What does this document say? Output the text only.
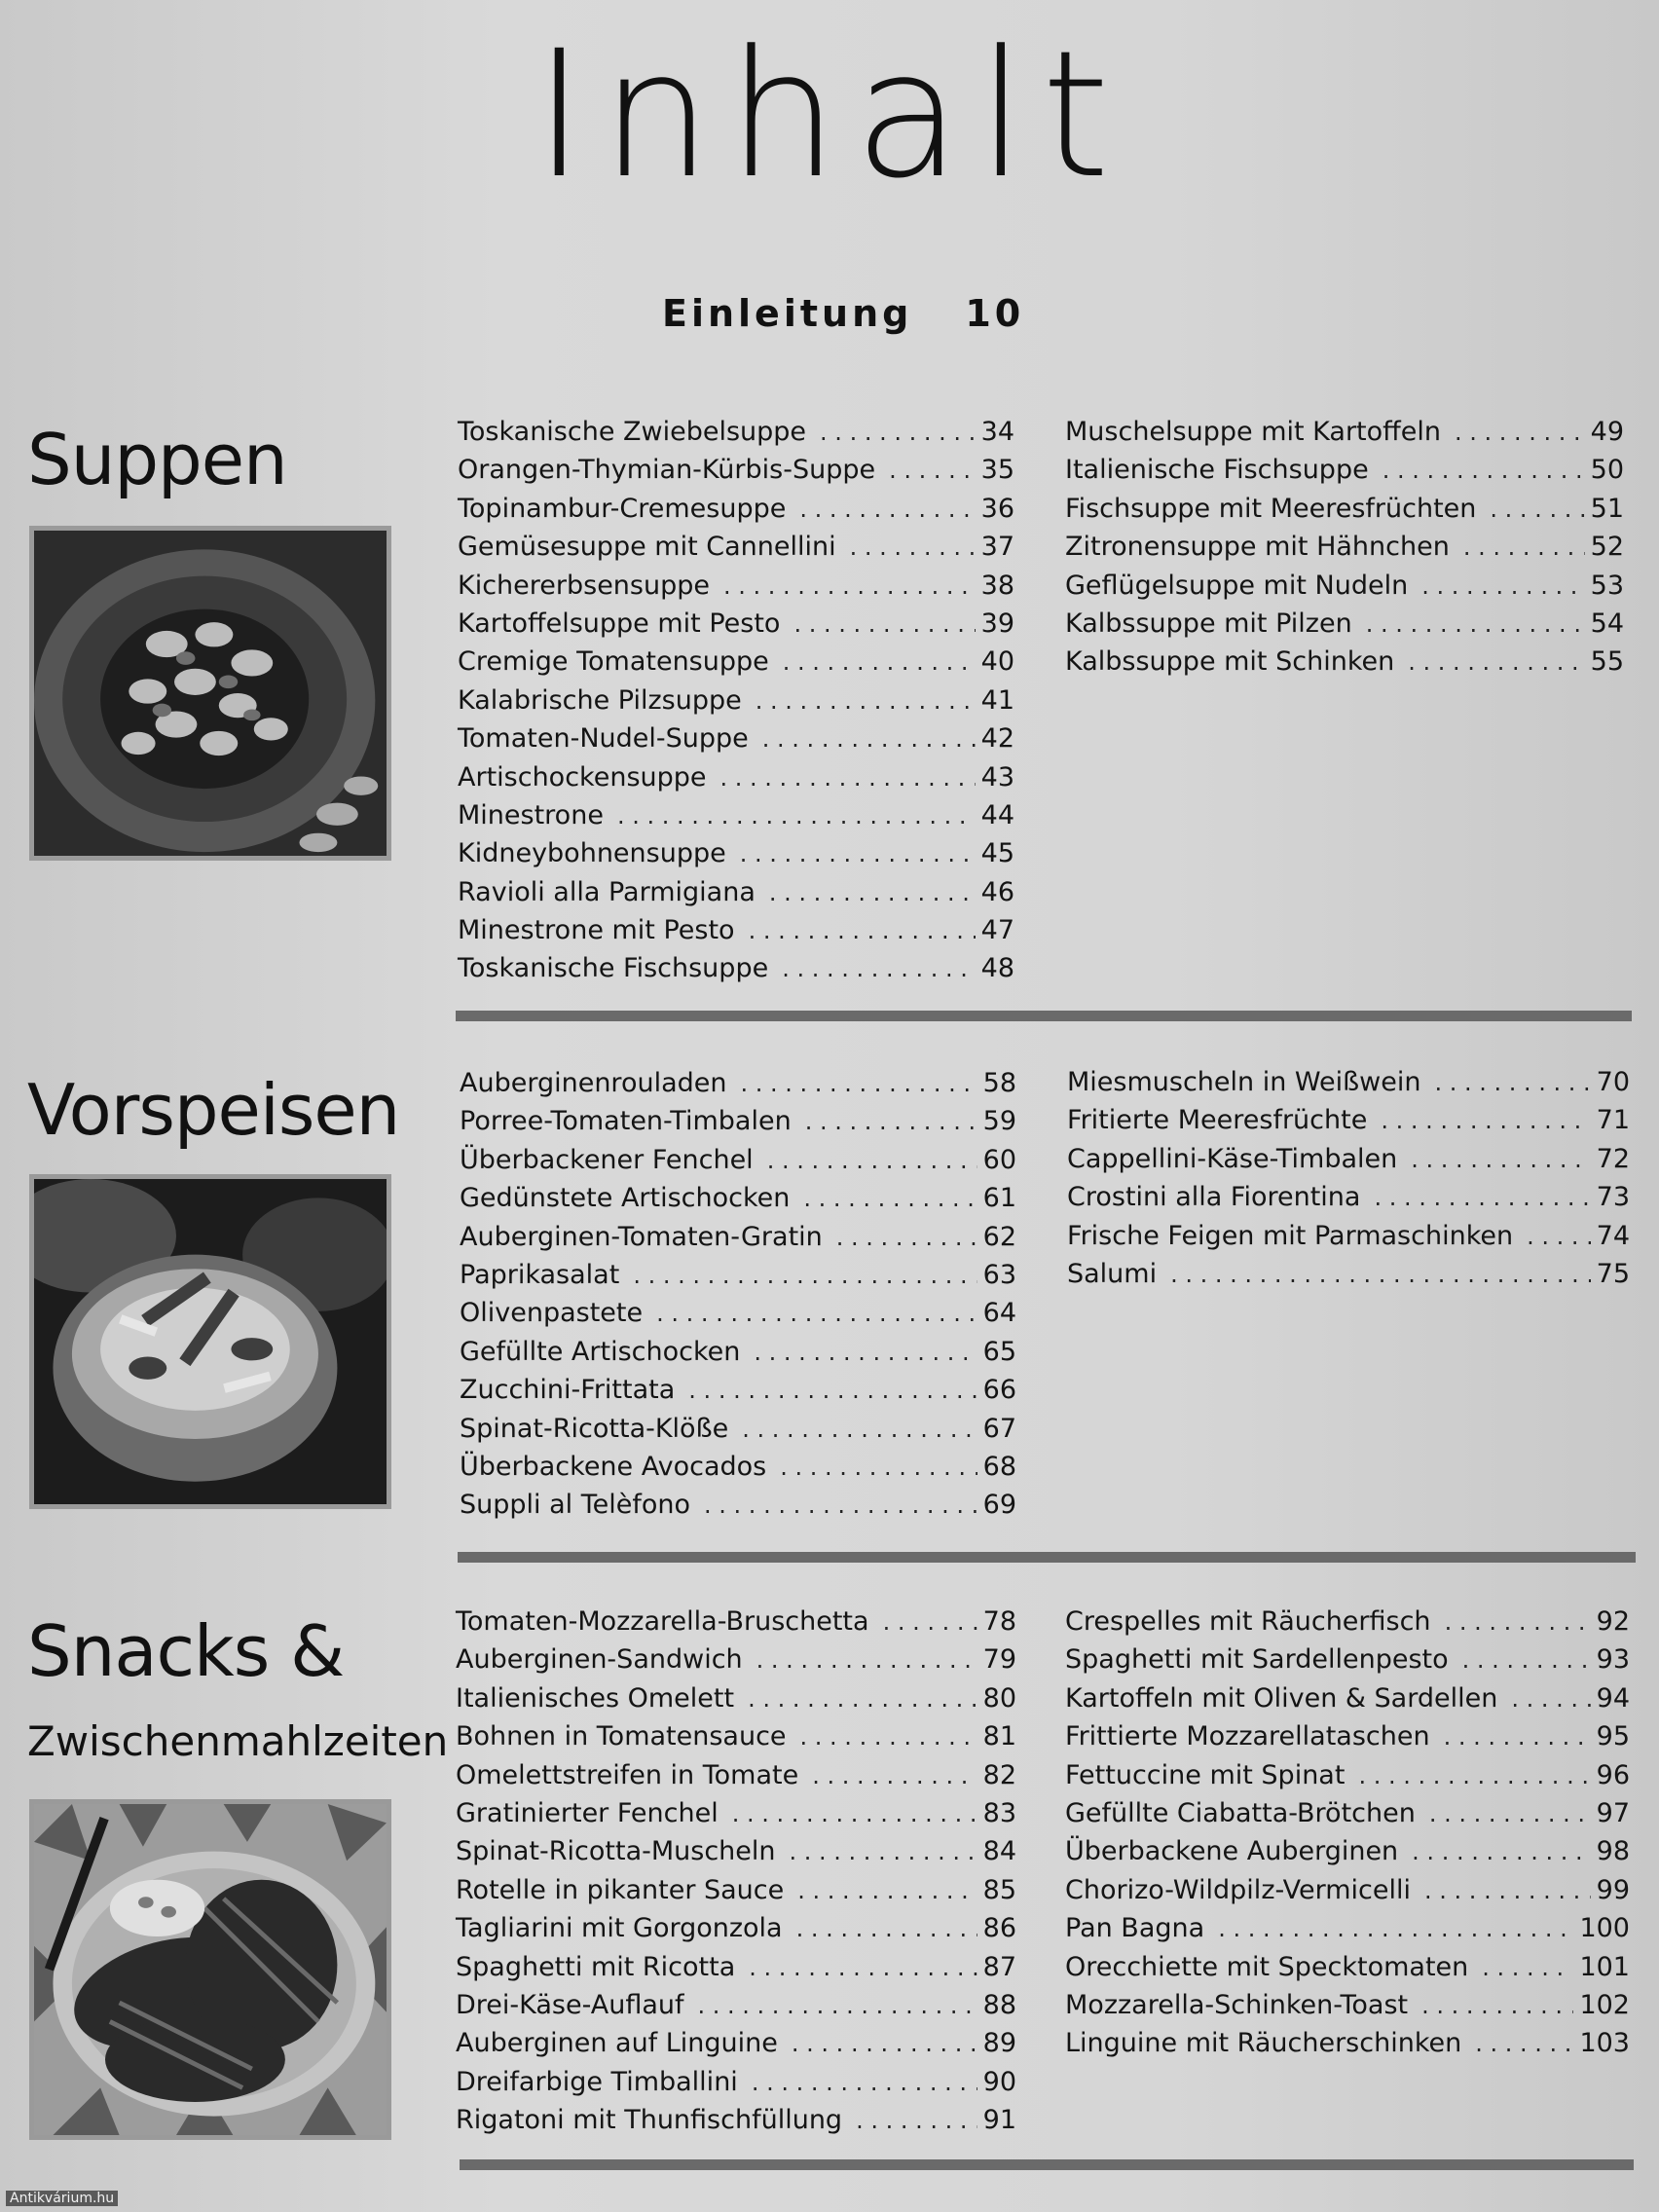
Inhalt
Einleitung 10
Suppen	Toskanische Zwiebelsuppe . . .	34
Orangen-Thymian-Kürbis-Suppe . . .	35
Topinambur-Cremesuppe . . .	36
Gemüsesuppe mit Cannellini . . .	37
Kichererbsensuppe . . .	38
Kartoffelsuppe mit Pesto . . .	39
Cremige Tomatensuppe . . .	40
Kalabrische Pilzsuppe . . .	41
Tomaten-Nudel-Suppe . . .	42
Artischockensuppe . . .	43
Minestrone . . .	44
Kidneybohnensuppe . . .	45
Ravioli alla Parmigiana . . .	46
Minestrone mit Pesto . . .	47
Toskanische Fischsuppe . . .	48
Muschelsuppe mit Kartoffeln . . .	49
Italienische Fischsuppe . . .	50
Fischsuppe mit Meeresfrüchten . . .	51
Zitronensuppe mit Hähnchen . . .	52
Geflügelsuppe mit Nudeln . . .	53
Kalbssuppe mit Pilzen . . .	54
Kalbssuppe mit Schinken . . .	55
Vorspeisen Auberginenrouladen . . .	58
Porree-Tomaten-Timbalen . . .	59
Überbackener Fenchel . . .	60
Gedünstete Artischocken . . .	61
Auberginen-Tomaten-Gratin . . .	62
Paprikasalat . . .	63
Olivenpastete . . .	64
Gefüllte Artischocken . . .	65
Zucchini-Frittata . . .	66
Spinat-Ricotta-Klöße . . .	67
Überbackene Avocados . . .	68
Suppli al Telèfono . . .	69
Miesmuscheln in Weißwein . . .	70
Fritierte Meeresfrüchte . . .	71
Cappellini-Käse-Timbalen . . .	72
Crostini alla Fiorentina . . .	73
Frische Feigen mit Parmaschinken . . .	74
Salumi . . .	75
Snacks &
Zwischenmahlzeiten
Tomaten-Mozzarella-Bruschetta . . .	78
Auberginen-Sandwich . . .	79
Italienisches Omelett . . .	80
Bohnen in Tomatensauce . . .	81
Omelettstreifen in Tomate . . .	82
Gratinierter Fenchel . . .	83
Spinat-Ricotta-Muscheln . . .	84
Rotelle in pikanter Sauce . . .	85
Tagliarini mit Gorgonzola . . .	86
Spaghetti mit Ricotta . . .	87
Drei-Käse-Auflauf . . .	88
Auberginen auf Linguine . . .	89
Dreifarbige Timballini . . .	90
Rigatoni mit Thunfischfüllung . . .	91
Crespelles mit Räucherfisch . . .	92
Spaghetti mit Sardellenpesto . . .	93
Kartoffeln mit Oliven & Sardellen . . .	94
Frittierte Mozzarellataschen . . .	95
Fettuccine mit Spinat . . .	96
Gefüllte Ciabatta-Brötchen . . .	97
Überbackene Auberginen . . .	98
Chorizo-Wildpilz-Vermicelli . . .	99
Pan Bagna . . .	100
Orecchiette mit Specktomaten . . .	101
Mozzarella-Schinken-Toast . . .	102
Linguine mit Räucherschinken . . .	103
Antikvárium.hu
